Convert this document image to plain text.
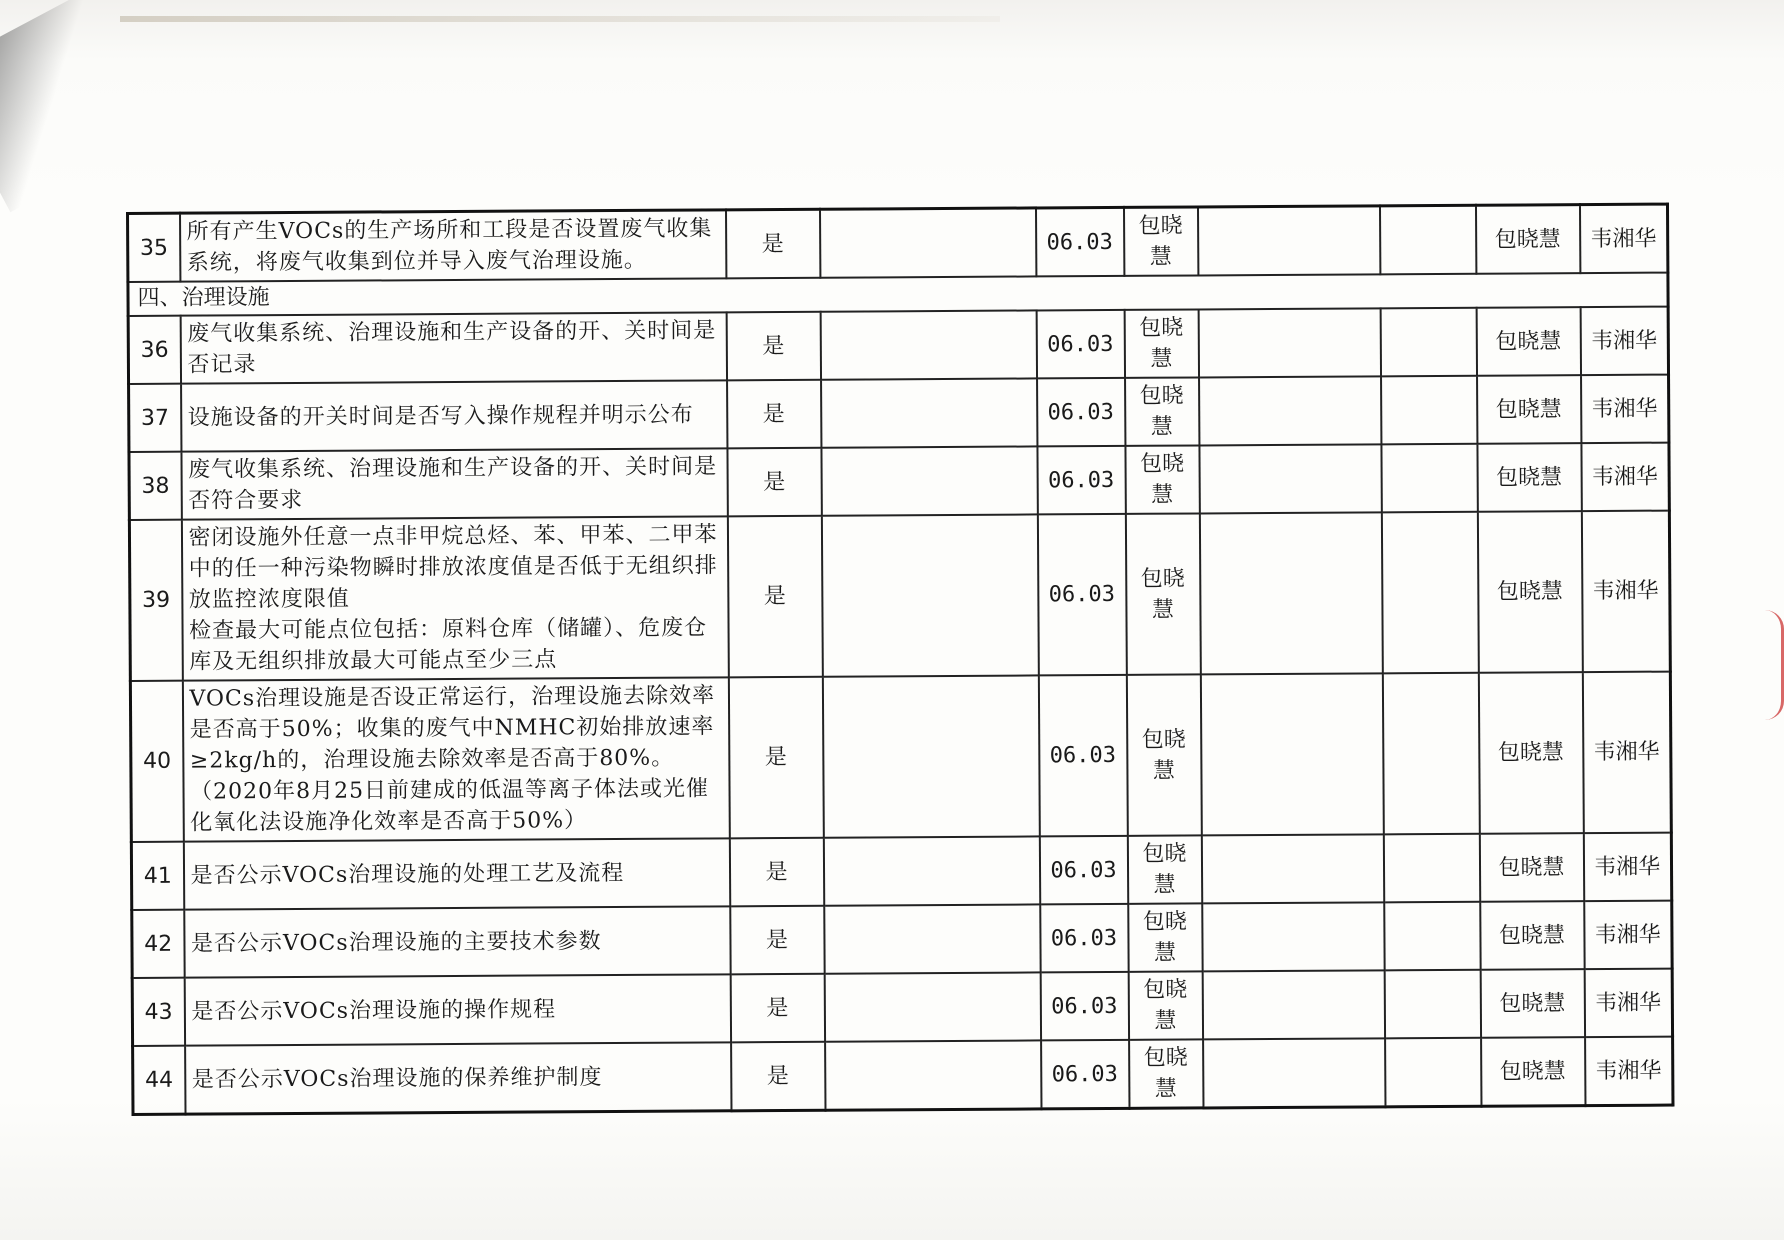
35	所有产生VOCs的生产场所和工段是否设置废气收集系统，将废气收集到位并导入废气治理设施。	是		06.03	包晓慧			包晓慧	韦湘华
四、治理设施									
36	废气收集系统、治理设施和生产设备的开、关时间是否记录	是		06.03	包晓慧			包晓慧	韦湘华
37	设施设备的开关时间是否写入操作规程并明示公布	是		06.03	包晓慧			包晓慧	韦湘华
38	废气收集系统、治理设施和生产设备的开、关时间是否符合要求	是		06.03	包晓慧			包晓慧	韦湘华
39	密闭设施外任意一点非甲烷总烃、苯、甲苯、二甲苯中的任一种污染物瞬时排放浓度值是否低于无组织排放监控浓度限值
检查最大可能点位包括：原料仓库（储罐）、危废仓库及无组织排放最大可能点至少三点	是		06.03	包晓慧			包晓慧	韦湘华
40	VOCs治理设施是否设正常运行，治理设施去除效率是否高于50%；收集的废气中NMHC初始排放速率≥2kg/h的，治理设施去除效率是否高于80%。（2020年8月25日前建成的低温等离子体法或光催化氧化法设施净化效率是否高于50%）	是		06.03	包晓慧			包晓慧	韦湘华
41	是否公示VOCs治理设施的处理工艺及流程	是		06.03	包晓慧			包晓慧	韦湘华
42	是否公示VOCs治理设施的主要技术参数	是		06.03	包晓慧			包晓慧	韦湘华
43	是否公示VOCs治理设施的操作规程	是		06.03	包晓慧			包晓慧	韦湘华
44	是否公示VOCs治理设施的保养维护制度	是		06.03	包晓慧			包晓慧	韦湘华
